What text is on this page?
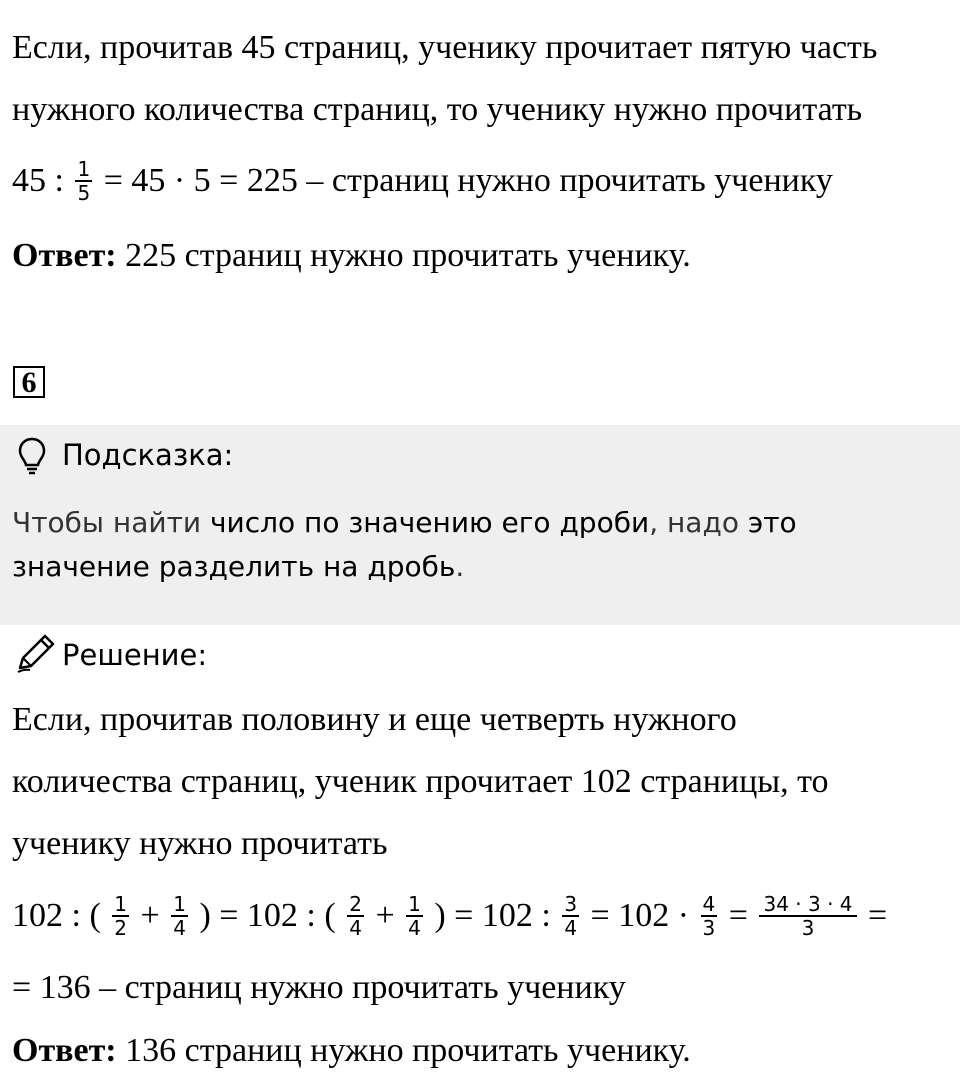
Если, прочитав 45 страниц, ученику прочитает пятую часть
нужного количества страниц, то ученику нужно прочитать
45 : $\frac{1}{5} = 45 \cdot 5 = 225$ – страниц нужно прочитать ученику
Ответ: 225 страниц нужно прочитать ученику.
6
Подсказка:
Чтобы найти число по значению его дроби, надо это
значение разделить на дробь.
Решение:
Если, прочитав половину и еще четверть нужного
количества страниц, ученик прочитает 102 страницы, то
ученику нужно прочитать
102 : ( $\frac{1}{2} + \frac{1}{4}$ ) = 102 : ( $\frac{2}{4} + \frac{1}{4}$ ) = 102 : $\frac{3}{4} = 102 \cdot \frac{4}{3} = \frac{34 \cdot 3 \cdot 4}{3}$ =
= 136 – страниц нужно прочитать ученику
Ответ: 136 страниц нужно прочитать ученику.
